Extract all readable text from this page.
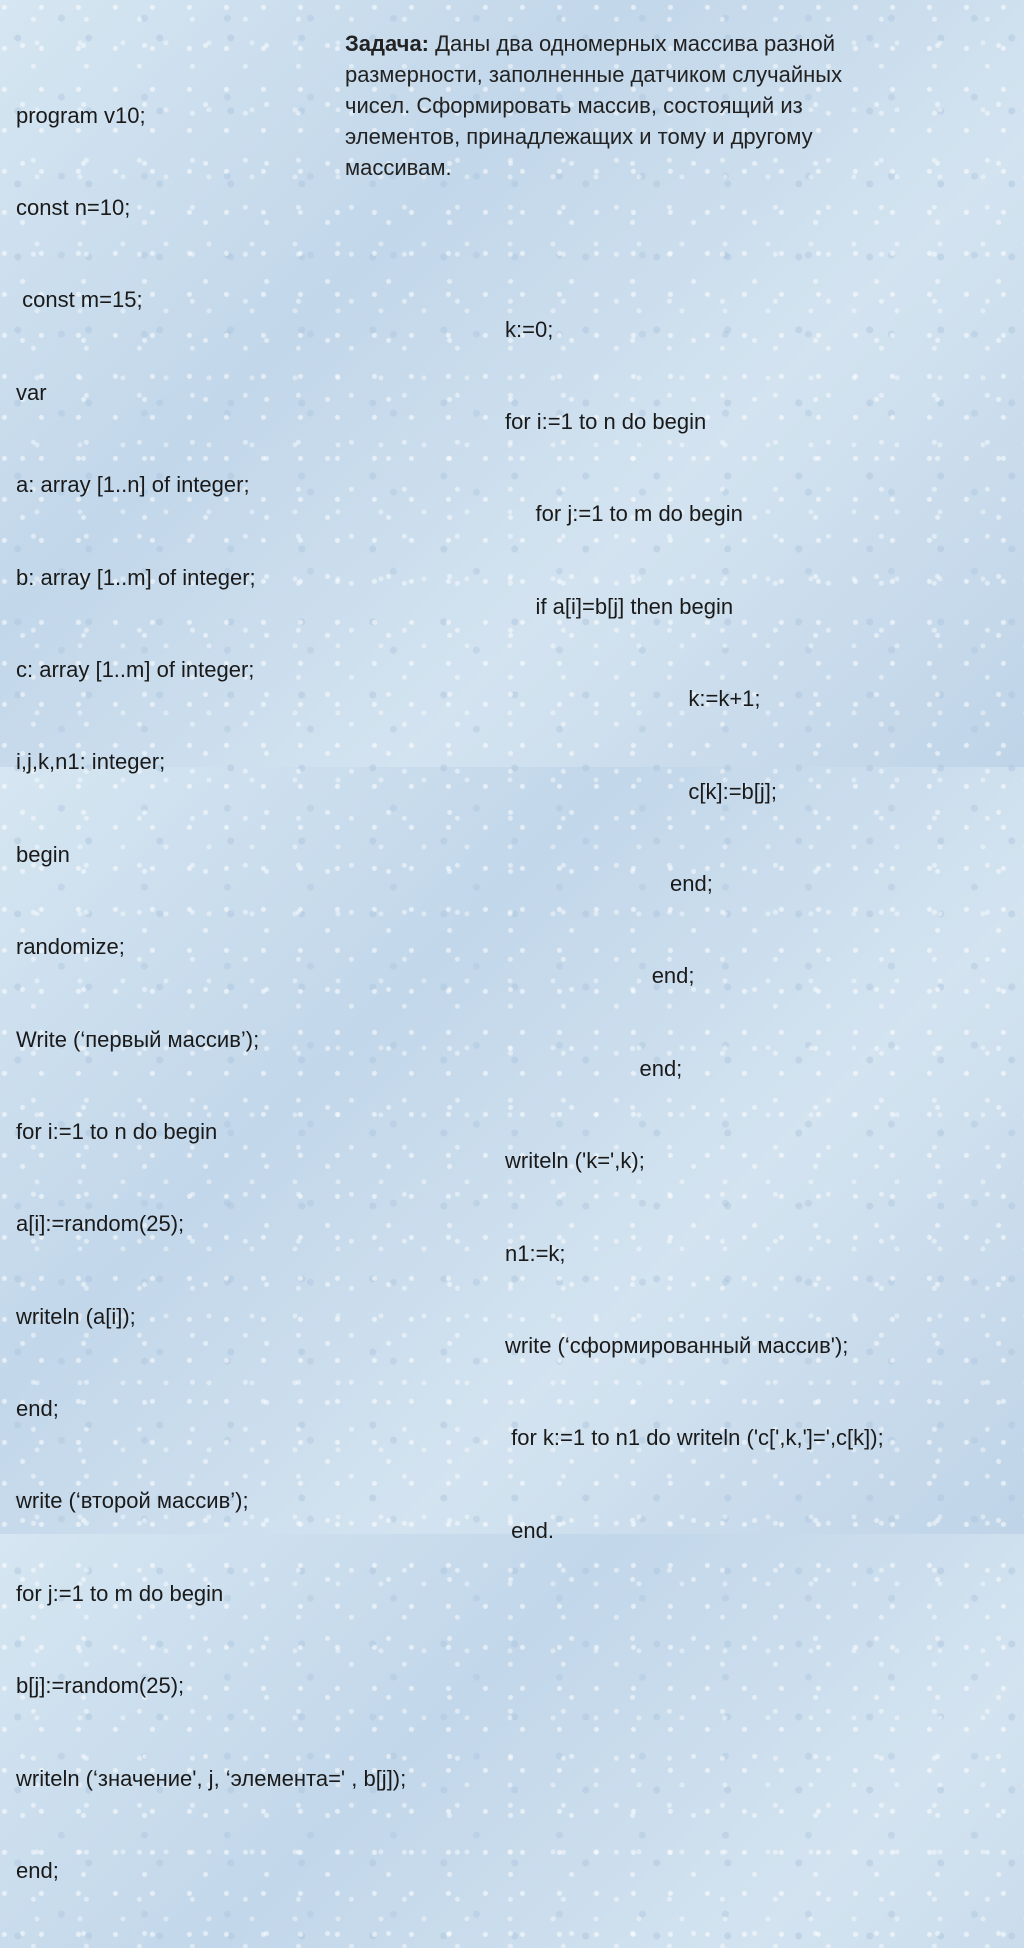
Задача: Даны два одномерных массива разной
размерности, заполненные датчиком случайных
чисел. Сформировать массив, состоящий из
элементов, принадлежащих и тому и другому
массивам.

program v10;

const n=10;

const m=15;

var

a: array [1..n] of integer;

b: array [1..m] of integer;

c: array [1..m] of integer;

i,j,k,n1: integer;

begin

randomize;

Write (‘первый массив’);

for i:=1 to n do begin

a[i]:=random(25);

writeln (a[i]);

end;

write (‘второй массив’);

for j:=1 to m do begin

b[j]:=random(25);

writeln (‘значение', j, ‘элемента=' , b[j]);

end;

k:=0;

for i:=1 to n do begin

for j:=1 to m do begin

if a[i]=b[j] then begin

k:=k+1;

c[k]:=b[j];

end;

end;

end;

writeln ('k=',k);

n1:=k;

write (‘сформированный массив');

for k:=1 to n1 do writeln ('c[',k,']=',c[k]);

end.
